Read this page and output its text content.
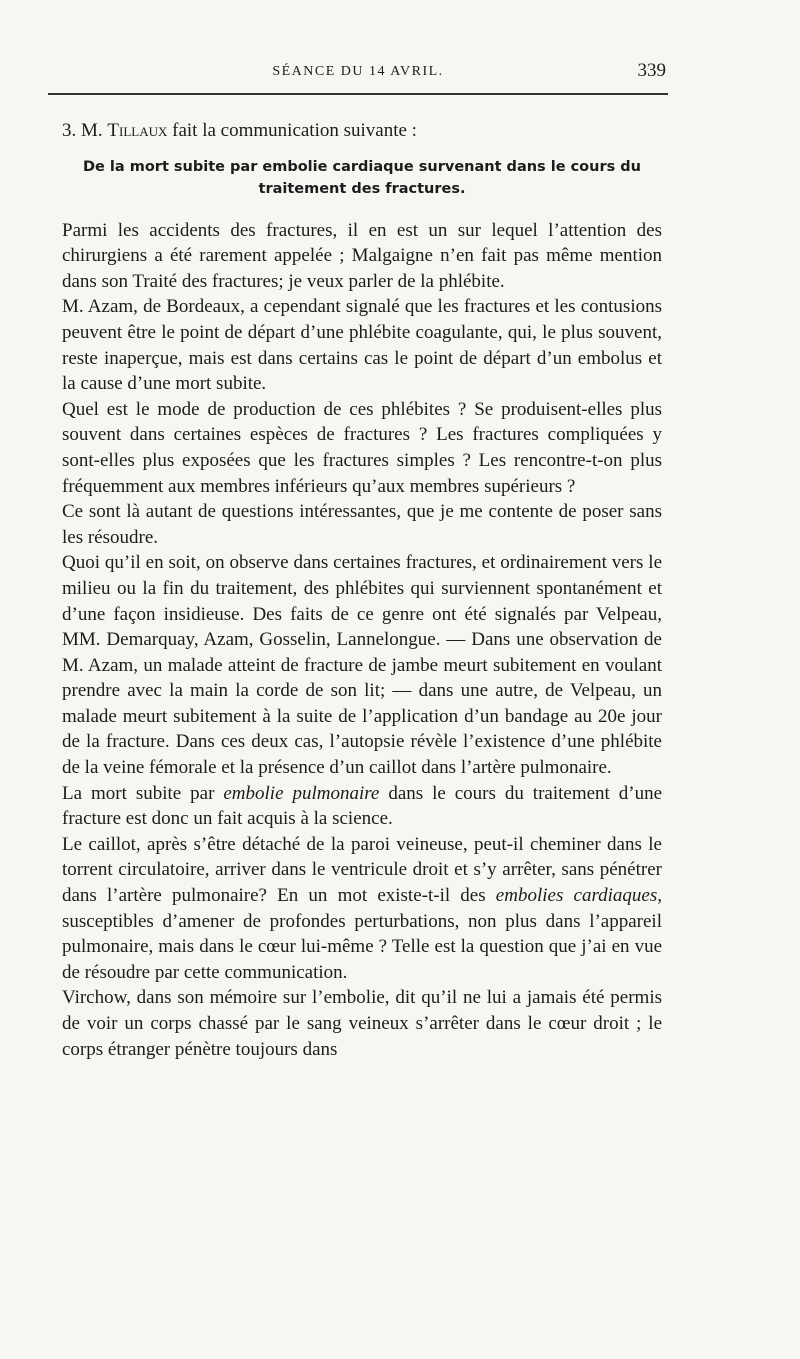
SÉANCE DU 14 AVRIL.	339

3. M. Tillaux fait la communication suivante :

De la mort subite par embolie cardiaque survenant dans le cours du traitement des fractures.

Parmi les accidents des fractures, il en est un sur lequel l’attention des chirurgiens a été rarement appelée ; Malgaigne n’en fait pas même mention dans son Traité des fractures; je veux parler de la phlébite.

M. Azam, de Bordeaux, a cependant signalé que les fractures et les contusions peuvent être le point de départ d’une phlébite coagulante, qui, le plus souvent, reste inaperçue, mais est dans certains cas le point de départ d’un embolus et la cause d’une mort subite.

Quel est le mode de production de ces phlébites ? Se produisent-elles plus souvent dans certaines espèces de fractures ? Les fractures compliquées y sont-elles plus exposées que les fractures simples ? Les rencontre-t-on plus fréquemment aux membres inférieurs qu’aux membres supérieurs ?

Ce sont là autant de questions intéressantes, que je me contente de poser sans les résoudre.

Quoi qu’il en soit, on observe dans certaines fractures, et ordinairement vers le milieu ou la fin du traitement, des phlébites qui surviennent spontanément et d’une façon insidieuse. Des faits de ce genre ont été signalés par Velpeau, MM. Demarquay, Azam, Gosselin, Lannelongue. — Dans une observation de M. Azam, un malade atteint de fracture de jambe meurt subitement en voulant prendre avec la main la corde de son lit; — dans une autre, de Velpeau, un malade meurt subitement à la suite de l’application d’un bandage au 20e jour de la fracture. Dans ces deux cas, l’autopsie révèle l’existence d’une phlébite de la veine fémorale et la présence d’un caillot dans l’artère pulmonaire.

La mort subite par embolie pulmonaire dans le cours du traitement d’une fracture est donc un fait acquis à la science.

Le caillot, après s’être détaché de la paroi veineuse, peut-il cheminer dans le torrent circulatoire, arriver dans le ventricule droit et s’y arrêter, sans pénétrer dans l’artère pulmonaire? En un mot existe-t-il des embolies cardiaques, susceptibles d’amener de profondes perturbations, non plus dans l’appareil pulmonaire, mais dans le cœur lui-même ? Telle est la question que j’ai en vue de résoudre par cette communication.

Virchow, dans son mémoire sur l’embolie, dit qu’il ne lui a jamais été permis de voir un corps chassé par le sang veineux s’arrêter dans le cœur droit ; le corps étranger pénètre toujours dans
